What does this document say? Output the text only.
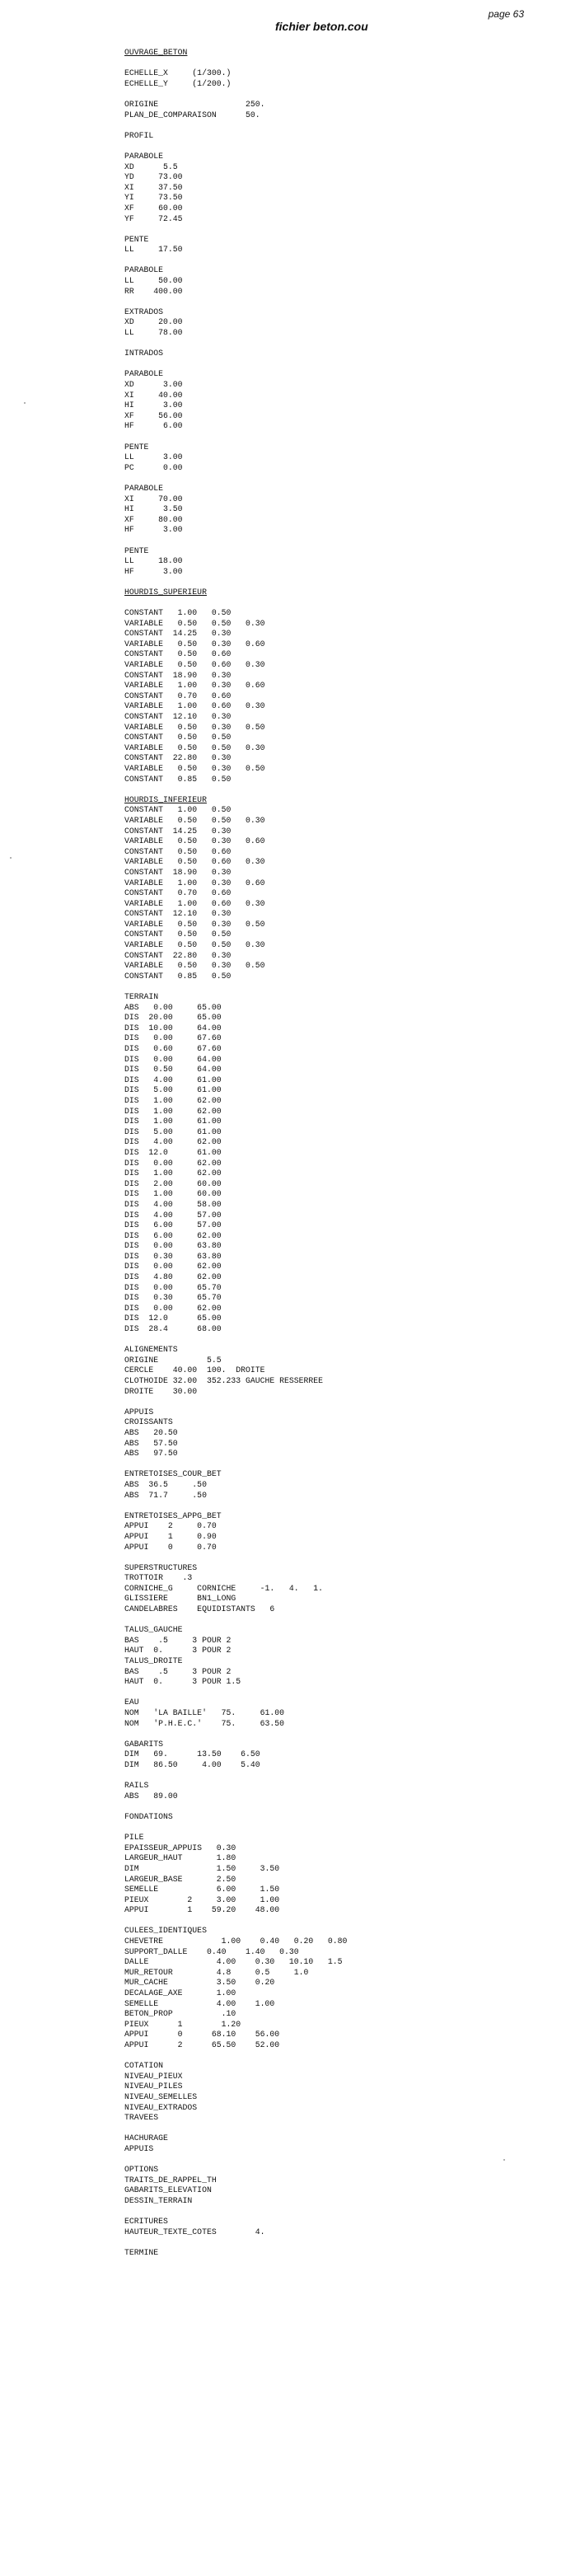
page 63
fichier beton.cou
OUVRAGE_BETON
ECHELLE_X     (1/300.)
ECHELLE_Y     (1/200.)
ORIGINE                  250.
PLAN_DE_COMPARAISON      50.
PROFIL
PARABOLE
XD      5.5
YD     73.00
XI     37.50
YI     73.50
XF     60.00
YF     72.45
PENTE
LL     17.50
PARABOLE
LL     50.00
RR    400.00
EXTRADOS
XD     20.00
LL     78.00
INTRADOS
PARABOLE
XD      3.00
XI     40.00
HI      3.00
XF     56.00
HF      6.00
PENTE
LL      3.00
PC      0.00
PARABOLE
XI     70.00
HI      3.50
XF     80.00
HF      3.00
PENTE
LL     18.00
HF      3.00
HOURDIS_SUPERIEUR
CONSTANT   1.00   0.50
VARIABLE   0.50   0.50   0.30
CONSTANT  14.25   0.30
VARIABLE   0.50   0.30   0.60
CONSTANT   0.50   0.60
VARIABLE   0.50   0.60   0.30
CONSTANT  18.90   0.30
VARIABLE   1.00   0.30   0.60
CONSTANT   0.70   0.60
VARIABLE   1.00   0.60   0.30
CONSTANT  12.10   0.30
VARIABLE   0.50   0.30   0.50
CONSTANT   0.50   0.50
VARIABLE   0.50   0.50   0.30
CONSTANT  22.80   0.30
VARIABLE   0.50   0.30   0.50
CONSTANT   0.85   0.50
HOURDIS_INFERIEUR
CONSTANT   1.00   0.50
VARIABLE   0.50   0.50   0.30
CONSTANT  14.25   0.30
VARIABLE   0.50   0.30   0.60
CONSTANT   0.50   0.60
VARIABLE   0.50   0.60   0.30
CONSTANT  18.90   0.30
VARIABLE   1.00   0.30   0.60
CONSTANT   0.70   0.60
VARIABLE   1.00   0.60   0.30
CONSTANT  12.10   0.30
VARIABLE   0.50   0.30   0.50
CONSTANT   0.50   0.50
VARIABLE   0.50   0.50   0.30
CONSTANT  22.80   0.30
VARIABLE   0.50   0.30   0.50
CONSTANT   0.85   0.50
TERRAIN
ABS   0.00     65.00
DIS  20.00     65.00
DIS  10.00     64.00
DIS   0.00     67.60
DIS   0.60     67.60
DIS   0.00     64.00
DIS   0.50     64.00
DIS   4.00     61.00
DIS   5.00     61.00
DIS   1.00     62.00
DIS   1.00     62.00
DIS   1.00     61.00
DIS   5.00     61.00
DIS   4.00     62.00
DIS  12.0      61.00
DIS   0.00     62.00
DIS   1.00     62.00
DIS   2.00     60.00
DIS   1.00     60.00
DIS   4.00     58.00
DIS   4.00     57.00
DIS   6.00     57.00
DIS   6.00     62.00
DIS   0.00     63.80
DIS   0.30     63.80
DIS   0.00     62.00
DIS   4.80     62.00
DIS   0.00     65.70
DIS   0.30     65.70
DIS   0.00     62.00
DIS  12.0      65.00
DIS  28.4      68.00
ALIGNEMENTS
ORIGINE          5.5
CERCLE    40.00  100.  DROITE
CLOTHOIDE 32.00  352.233 GAUCHE RESSERREE
DROITE    30.00
APPUIS
CROISSANTS
ABS   20.50
ABS   57.50
ABS   97.50
ENTRETOISES_COUR_BET
ABS  36.5     .50
ABS  71.7     .50
ENTRETOISES_APPG_BET
APPUI    2     0.70
APPUI    1     0.90
APPUI    0     0.70
SUPERSTRUCTURES
TROTTOIR    .3
CORNICHE_G     CORNICHE     -1.   4.   1.
GLISSIERE      BN1_LONG
CANDELABRES    EQUIDISTANTS   6
TALUS_GAUCHE
BAS    .5     3 POUR 2
HAUT  0.      3 POUR 2
TALUS_DROITE
BAS    .5     3 POUR 2
HAUT  0.      3 POUR 1.5
EAU
NOM   'LA BAILLE'   75.     61.00
NOM   'P.H.E.C.'    75.     63.50
GABARITS
DIM   69.      13.50    6.50
DIM   86.50     4.00    5.40
RAILS
ABS   89.00
FONDATIONS
PILE
EPAISSEUR_APPUIS   0.30
LARGEUR_HAUT       1.80
DIM                1.50     3.50
LARGEUR_BASE       2.50
SEMELLE            6.00     1.50
PIEUX        2     3.00     1.00
APPUI        1    59.20    48.00
CULEES_IDENTIQUES
CHEVETRE            1.00    0.40   0.20   0.80
SUPPORT_DALLE    0.40    1.40   0.30
DALLE              4.00    0.30   10.10   1.5
MUR_RETOUR         4.8     0.5     1.0
MUR_CACHE          3.50    0.20
DECALAGE_AXE       1.00
SEMELLE            4.00    1.00
BETON_PROP          .10
PIEUX      1        1.20
APPUI      0      68.10    56.00
APPUI      2      65.50    52.00
COTATION
NIVEAU_PIEUX
NIVEAU_PILES
NIVEAU_SEMELLES
NIVEAU_EXTRADOS
TRAVEES
HACHURAGE
APPUIS
OPTIONS
TRAITS_DE_RAPPEL_TH
GABARITS_ELEVATION
DESSIN_TERRAIN
ECRITURES
HAUTEUR_TEXTE_COTES        4.
TERMINE
